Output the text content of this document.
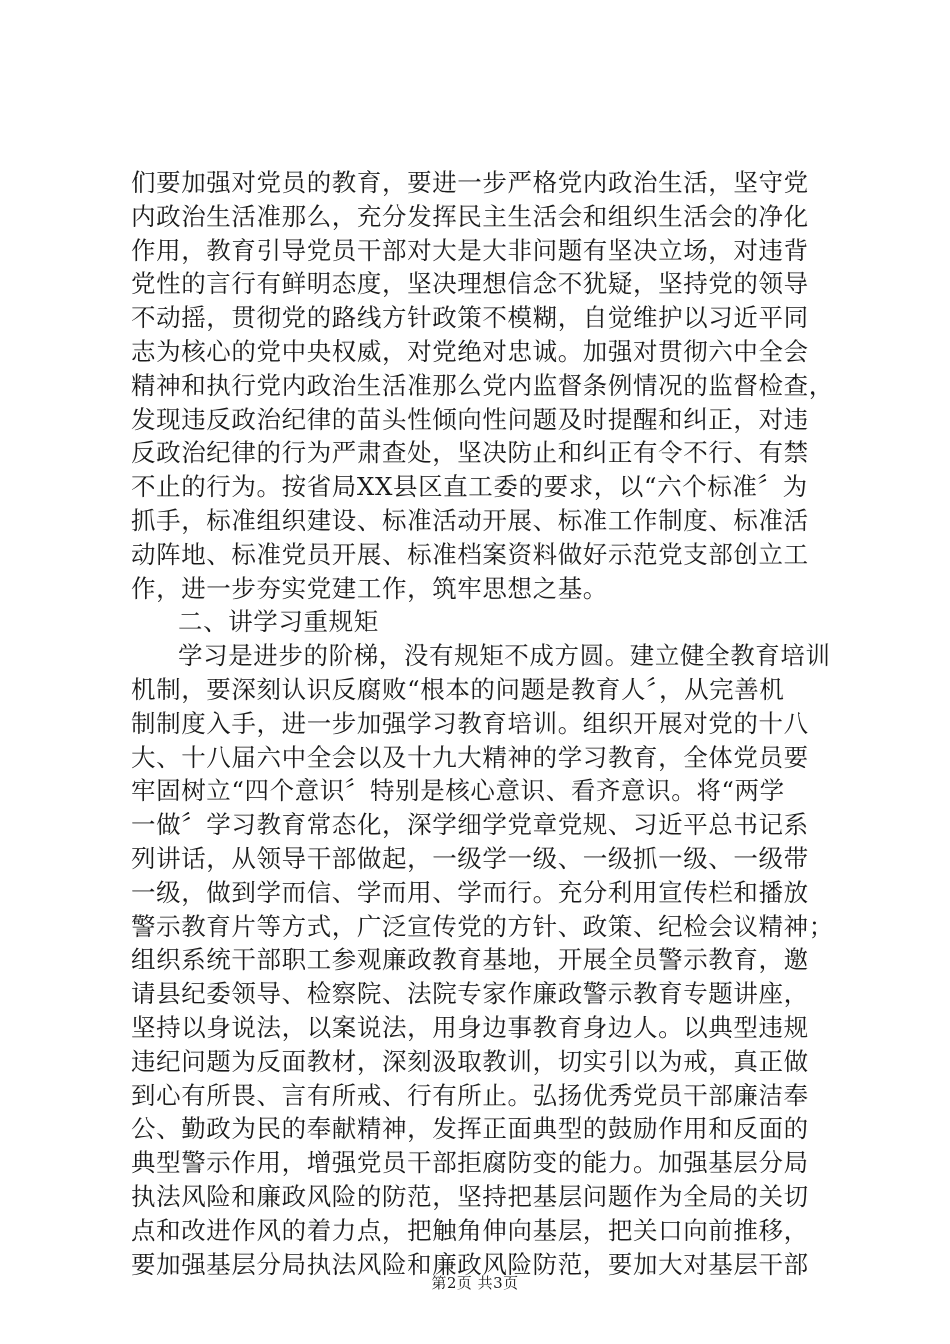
们要加强对党员的教育，要进一步严格党内政治生活，坚守党
内政治生活准那么，充分发挥民主生活会和组织生活会的净化
作用，教育引导党员干部对大是大非问题有坚决立场，对违背
党性的言行有鲜明态度，坚决理想信念不犹疑，坚持党的领导
不动摇，贯彻党的路线方针政策不模糊，自觉维护以习近平同
志为核心的党中央权威，对党绝对忠诚。加强对贯彻六中全会
精神和执行党内政治生活准那么党内监督条例情况的监督检查，
发现违反政治纪律的苗头性倾向性问题及时提醒和纠正，对违
反政治纪律的行为严肃查处，坚决防止和纠正有令不行、有禁
不止的行为。按省局XX县区直工委的要求，以“六个标准〞为
抓手，标准组织建设、标准活动开展、标准工作制度、标准活
动阵地、标准党员开展、标准档案资料做好示范党支部创立工
作，进一步夯实党建工作，筑牢思想之基。
二、讲学习重规矩
学习是进步的阶梯，没有规矩不成方圆。建立健全教育培训
机制，要深刻认识反腐败“根本的问题是教育人〞，从完善机
制制度入手，进一步加强学习教育培训。组织开展对党的十八
大、十八届六中全会以及十九大精神的学习教育，全体党员要
牢固树立“四个意识〞特别是核心意识、看齐意识。将“两学
一做〞学习教育常态化，深学细学党章党规、习近平总书记系
列讲话，从领导干部做起，一级学一级、一级抓一级、一级带
一级，做到学而信、学而用、学而行。充分利用宣传栏和播放
警示教育片等方式，广泛宣传党的方针、政策、纪检会议精神；
组织系统干部职工参观廉政教育基地，开展全员警示教育，邀
请县纪委领导、检察院、法院专家作廉政警示教育专题讲座，
坚持以身说法，以案说法，用身边事教育身边人。以典型违规
违纪问题为反面教材，深刻汲取教训，切实引以为戒，真正做
到心有所畏、言有所戒、行有所止。弘扬优秀党员干部廉洁奉
公、勤政为民的奉献精神，发挥正面典型的鼓励作用和反面的
典型警示作用，增强党员干部拒腐防变的能力。加强基层分局
执法风险和廉政风险的防范，坚持把基层问题作为全局的关切
点和改进作风的着力点，把触角伸向基层，把关口向前推移，
要加强基层分局执法风险和廉政风险防范，要加大对基层干部
第2页 共3页
